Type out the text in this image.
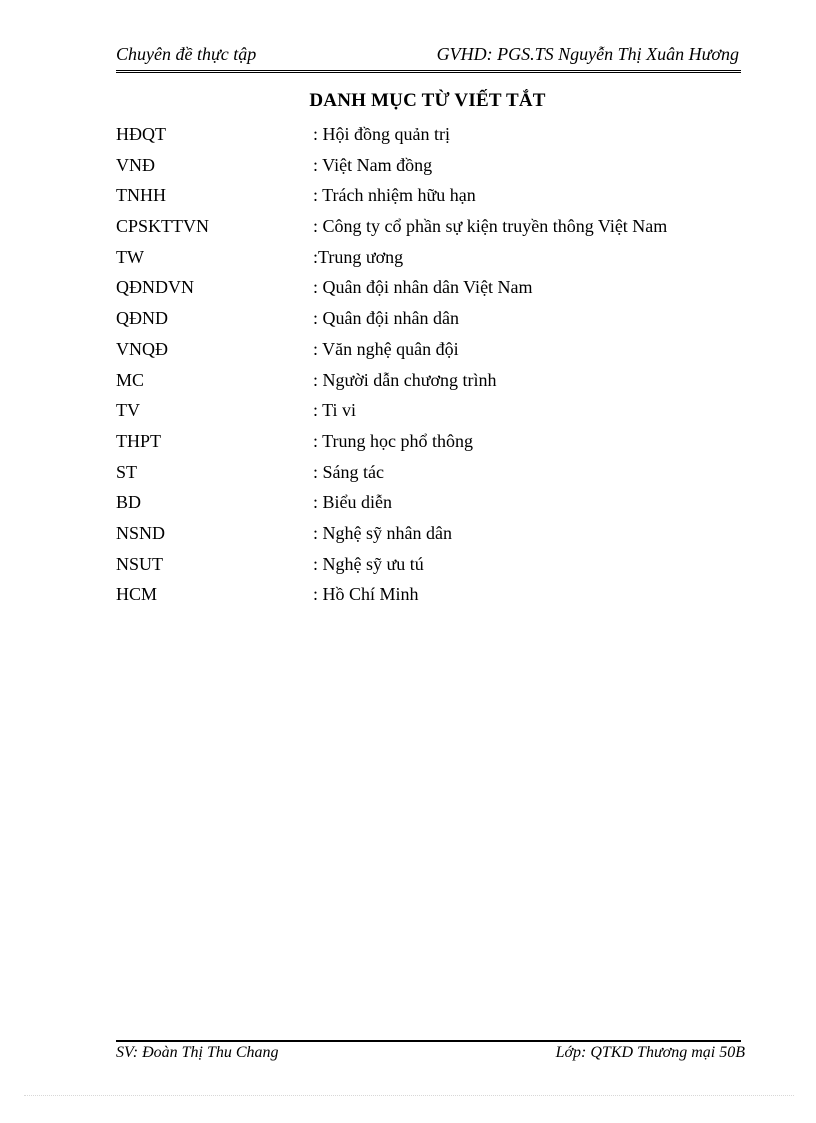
Chuyên đề thực tập	GVHD: PGS.TS Nguyễn Thị Xuân Hương
DANH MỤC TỪ VIẾT TẮT
HĐQT	: Hội đồng quản trị
VNĐ	: Việt Nam đồng
TNHH	: Trách nhiệm hữu hạn
CPSKTTVN	: Công ty cổ phần sự kiện truyền thông Việt Nam
TW	:Trung ương
QĐNDVN	: Quân đội nhân dân Việt Nam
QĐND	: Quân đội nhân dân
VNQĐ	: Văn nghệ quân đội
MC	: Người dẫn chương trình
TV	: Ti vi
THPT	: Trung học phổ thông
ST	: Sáng tác
BD	: Biểu diễn
NSND	: Nghệ sỹ nhân dân
NSUT	: Nghệ sỹ ưu tú
HCM	: Hồ Chí Minh
SV: Đoàn Thị Thu Chang	Lớp: QTKD Thương mại 50B
